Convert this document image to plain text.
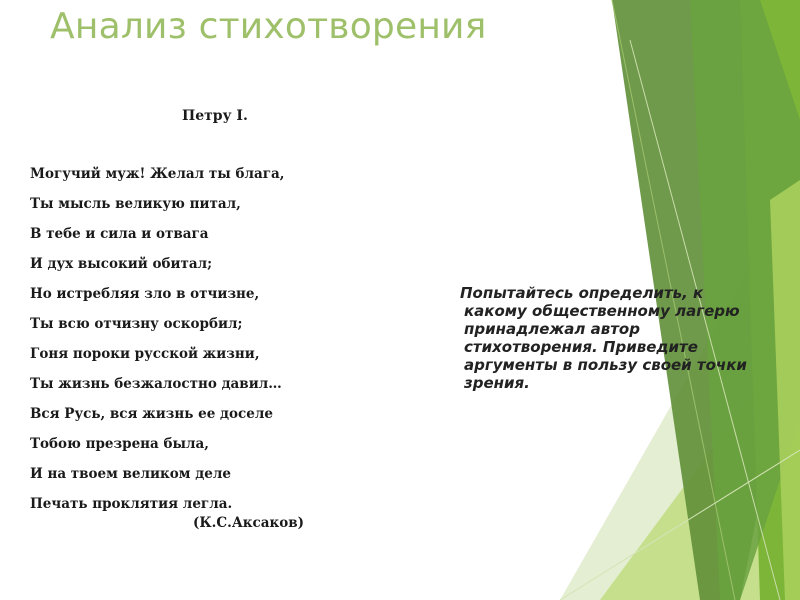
Анализ стихотворения
Петру I.
Могучий муж! Желал ты блага,
Ты мысль великую питал,
В тебе и сила и отвага
И дух высокий обитал;
Но истребляя зло в отчизне,
Ты всю отчизну оскорбил;
Гоня пороки русской жизни,
Ты жизнь безжалостно давил…
Вся Русь, вся жизнь ее доселе
Тобою презрена была,
И на твоем великом деле
Печать проклятия легла.
(К.С.Аксаков)
Попытайтесь определить, к
какому общественному лагерю принадлежал автор стихотворения. Приведите аргументы в пользу своей точки зрения.
